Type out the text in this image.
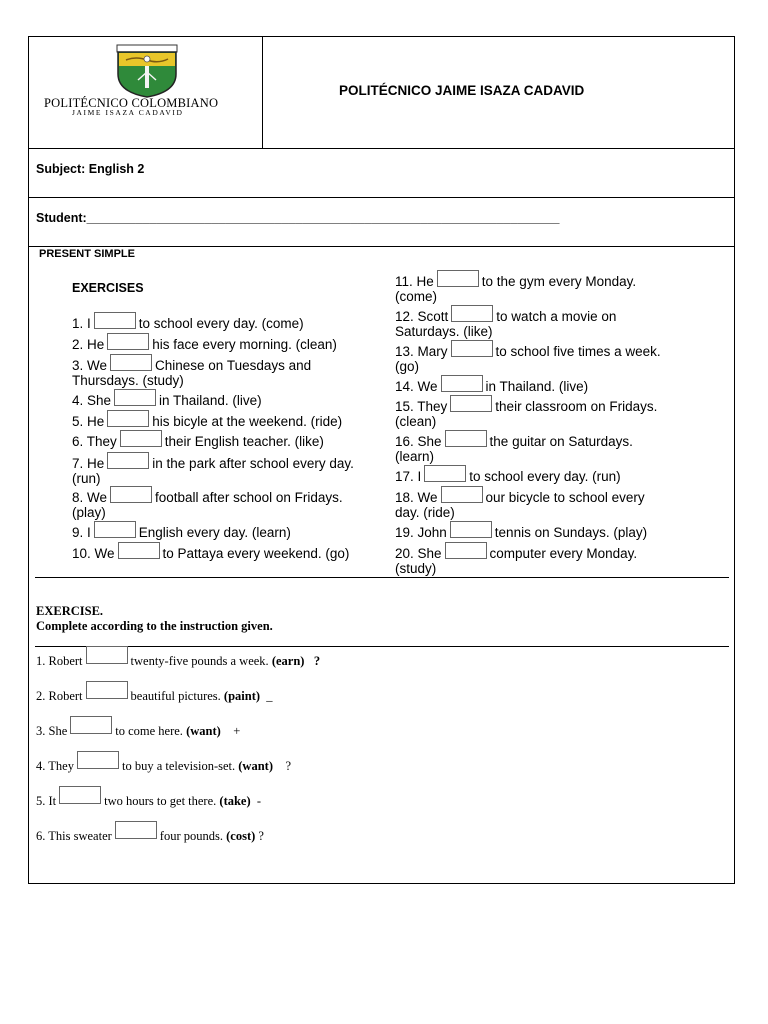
POLITÉCNICO COLOMBIANO
JAIME ISAZA CADAVID
POLITÉCNICO JAIME ISAZA CADAVID
Subject: English 2
Student:____________________________________________________________________
PRESENT SIMPLE
EXERCISES
1. I	to school every day. (come)
2. He	his face every morning. (clean)
3. We	Chinese on Tuesdays and
Thursdays. (study)
4. She	in Thailand. (live)
5. He	his bicyle at the weekend. (ride)
6. They	their English teacher. (like)
7. He	in the park after school every day.
(run)
8. We	football after school on Fridays.
(play)
9. I	English every day. (learn)
10. We	to Pattaya every weekend. (go)
11. He	to the gym every Monday.
(come)
12. Scott	to watch a movie on
Saturdays. (like)
13. Mary	to school five times a week.
(go)
14. We	in Thailand. (live)
15. They	their classroom on Fridays.
(clean)
16. She	the guitar on Saturdays.
(learn)
17. I	to school every day. (run)
18. We	our bicycle to school every
day. (ride)
19. John	tennis on Sundays. (play)
20. She	computer every Monday.
(study)
EXERCISE.
Complete according to the instruction given.
1. Robert	twenty-five pounds a week. (earn) ?
2. Robert	beautiful pictures. (paint) _
3. She	to come here. (want) +
4. They	to buy a television-set. (want) ?
5. It	two hours to get there. (take) -
6. This sweater	four pounds. (cost) ?
